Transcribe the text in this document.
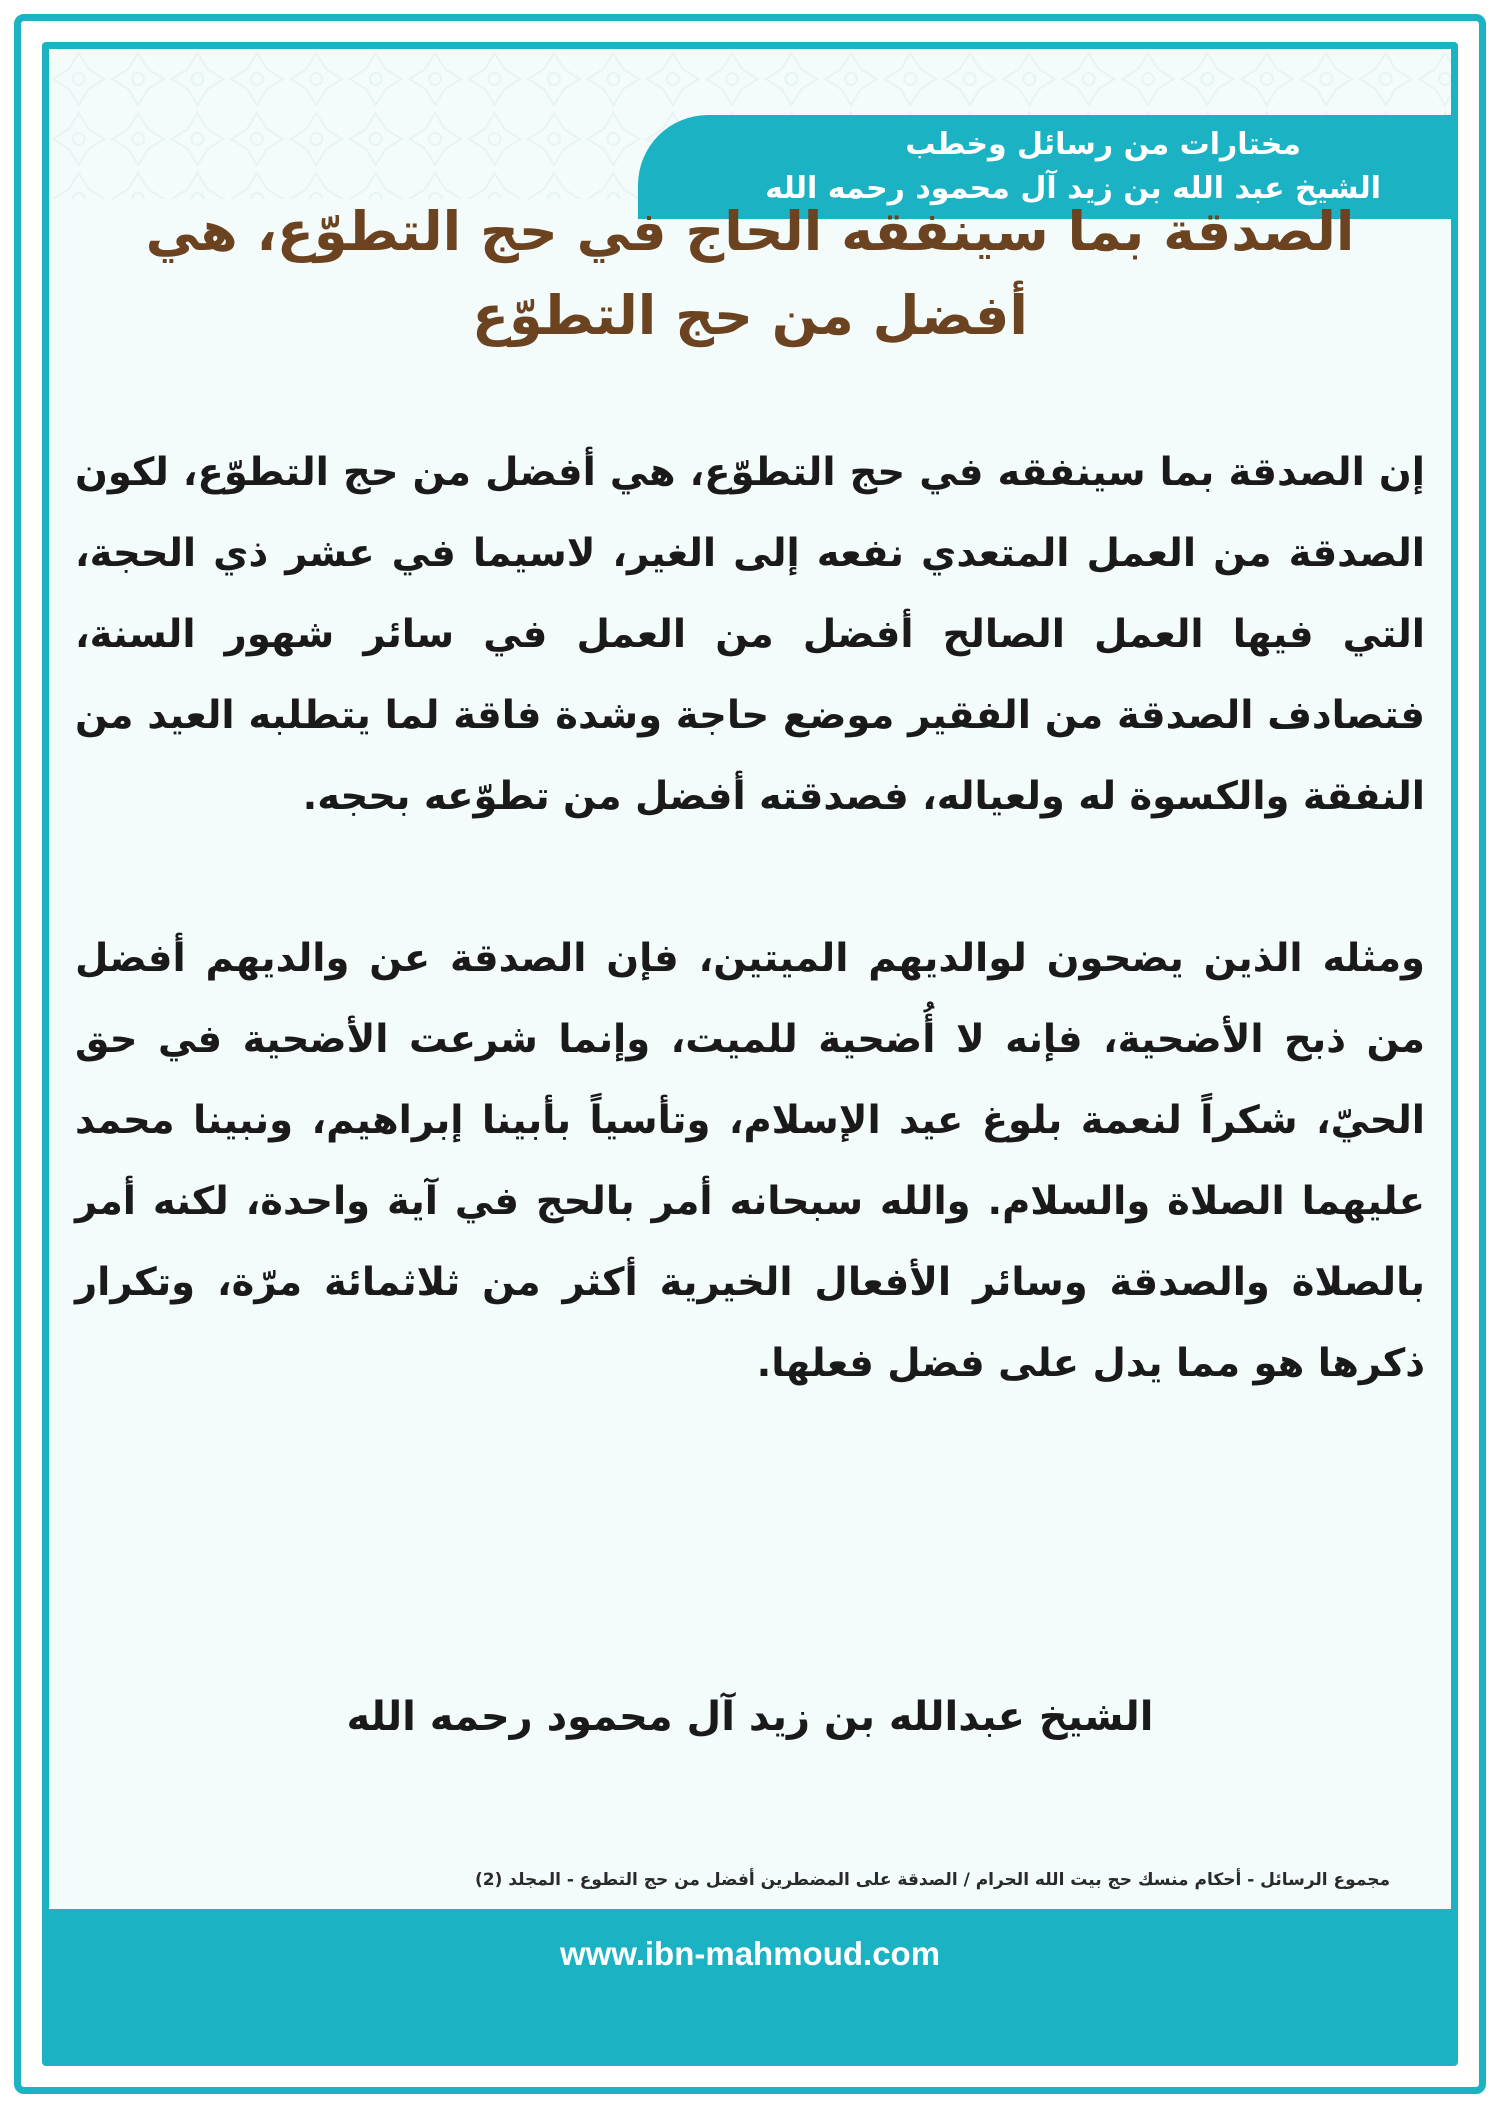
مختارات من رسائل وخطب
الشيخ عبد الله بن زيد آل محمود رحمه الله
الصدقة بما سينفقه الحاج في حج التطوّع، هي أفضل من حج التطوّع

إن الصدقة بما سينفقه في حج التطوّع، هي أفضل من حج التطوّع، لكون الصدقة من العمل المتعدي نفعه إلى الغير، لاسيما في عشر ذي الحجة، التي فيها العمل الصالح أفضل من العمل في سائر شهور السنة، فتصادف الصدقة من الفقير موضع حاجة وشدة فاقة لما يتطلبه العيد من النفقة والكسوة له ولعياله، فصدقته أفضل من تطوّعه بحجه.

ومثله الذين يضحون لوالديهم الميتين، فإن الصدقة عن والديهم أفضل من ذبح الأضحية، فإنه لا أُضحية للميت، وإنما شرعت الأضحية في حق الحيّ، شكراً لنعمة بلوغ عيد الإسلام، وتأسياً بأبينا إبراهيم، ونبينا محمد عليهما الصلاة والسلام. والله سبحانه أمر بالحج في آية واحدة، لكنه أمر بالصلاة والصدقة وسائر الأفعال الخيرية أكثر من ثلاثمائة مرّة، وتكرار ذكرها هو مما يدل على فضل فعلها.

الشيخ عبدالله بن زيد آل محمود رحمه الله
مجموع الرسائل - أحكام منسك حج بيت الله الحرام / الصدقة على المضطرين أفضل من حج التطوع - المجلد (2)
www.ibn-mahmoud.com
